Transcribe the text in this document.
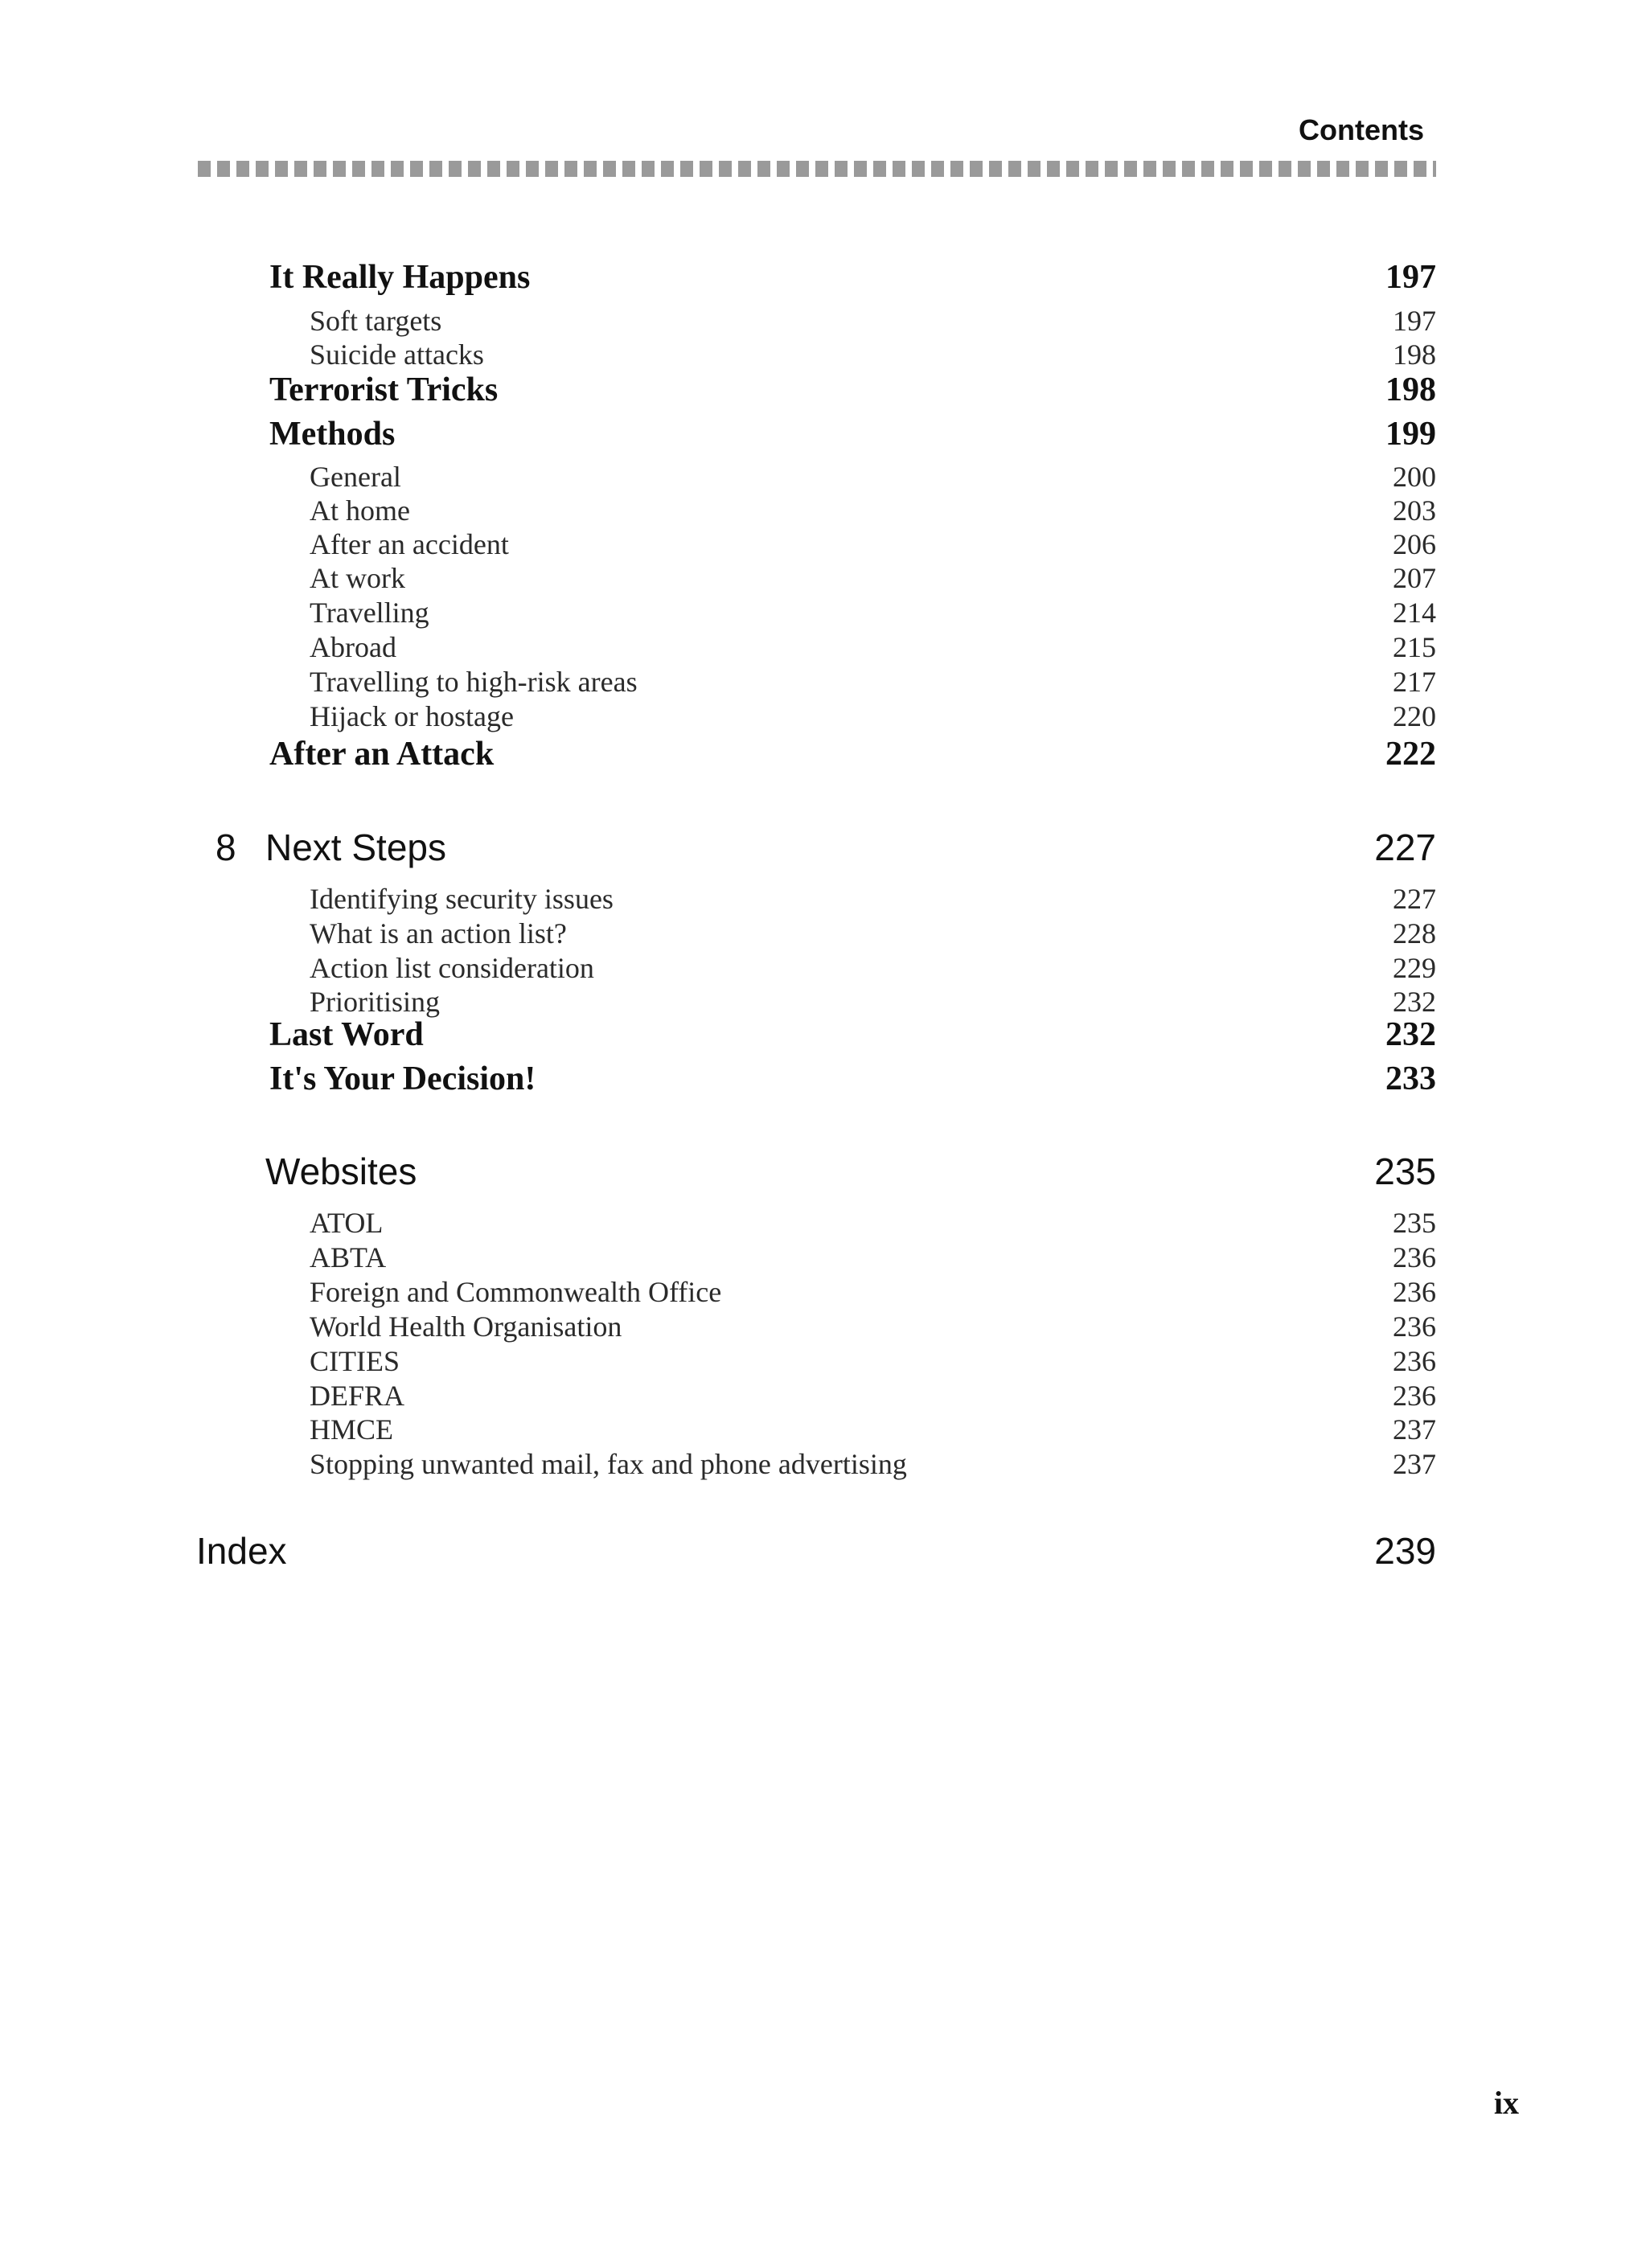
Contents
It Really Happens	197
Soft targets	197
Suicide attacks	198
Terrorist Tricks	198
Methods	199
General	200
At home	203
After an accident	206
At work	207
Travelling	214
Abroad	215
Travelling to high-risk areas	217
Hijack or hostage	220
After an Attack	222
8 Next Steps	227
Identifying security issues	227
What is an action list?	228
Action list consideration	229
Prioritising	232
Last Word	232
It's Your Decision!	233
Websites	235
ATOL	235
ABTA	236
Foreign and Commonwealth Office	236
World Health Organisation	236
CITIES	236
DEFRA	236
HMCE	237
Stopping unwanted mail, fax and phone advertising	237
Index	239
ix
